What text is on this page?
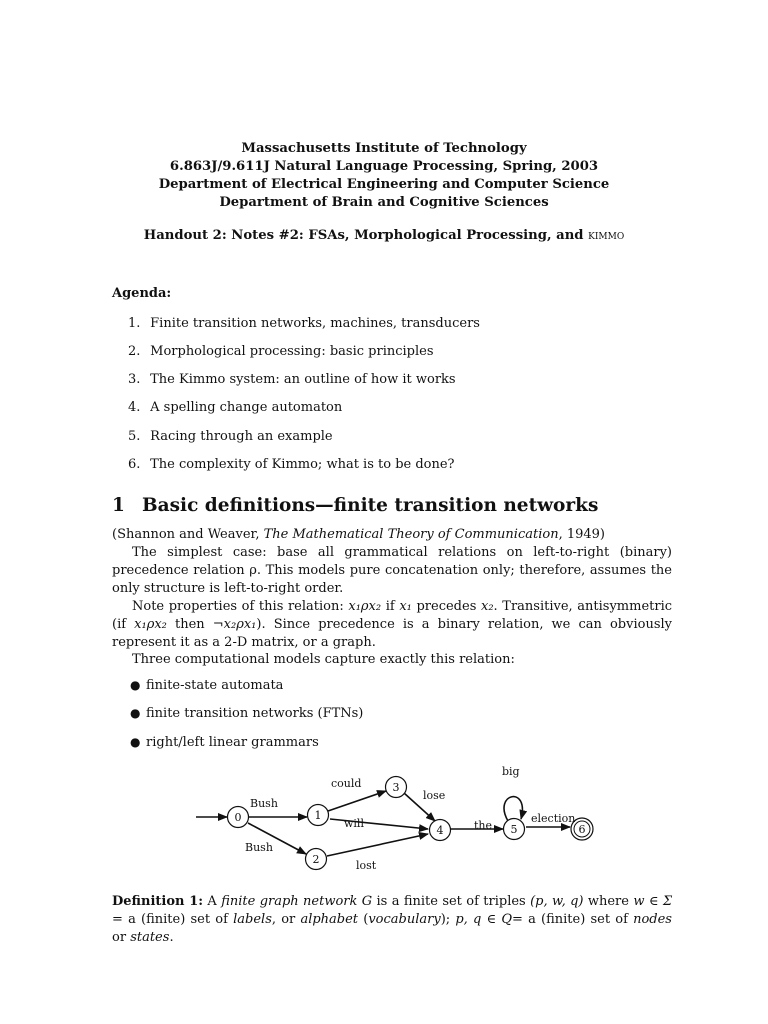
Massachusetts Institute of Technology
6.863J/9.611J Natural Language Processing, Spring, 2003
Department of Electrical Engineering and Computer Science
Department of Brain and Cognitive Sciences
Handout 2: Notes #2: FSAs, Morphological Processing, and kimmo
Agenda:
1. Finite transition networks, machines, transducers
2. Morphological processing: basic principles
3. The Kimmo system: an outline of how it works
4. A spelling change automaton
5. Racing through an example
6. The complexity of Kimmo; what is to be done?
1 Basic definitions—finite transition networks
(Shannon and Weaver, The Mathematical Theory of Communication, 1949)
The simplest case: base all grammatical relations on left-to-right (binary) precedence relation ρ. This models pure concatenation only; therefore, assumes the only structure is left-to-right order.
Note properties of this relation: x₁ρx₂ if x₁ precedes x₂. Transitive, antisymmetric (if x₁ρx₂ then ¬x₂ρx₁). Since precedence is a binary relation, we can obviously represent it as a 2-D matrix, or a graph.
Three computational models capture exactly this relation:
● finite-state automata
● finite transition networks (FTNs)
● right/left linear grammars
0	1
2
3
4	5	6
Bush
Bush
could
will
lose
lost
the
big
election
Definition 1: A finite graph network G is a finite set of triples (p, w, q) where w ∈ Σ = a (finite) set of labels, or alphabet (vocabulary); p, q ∈ Q= a (finite) set of nodes or states.
